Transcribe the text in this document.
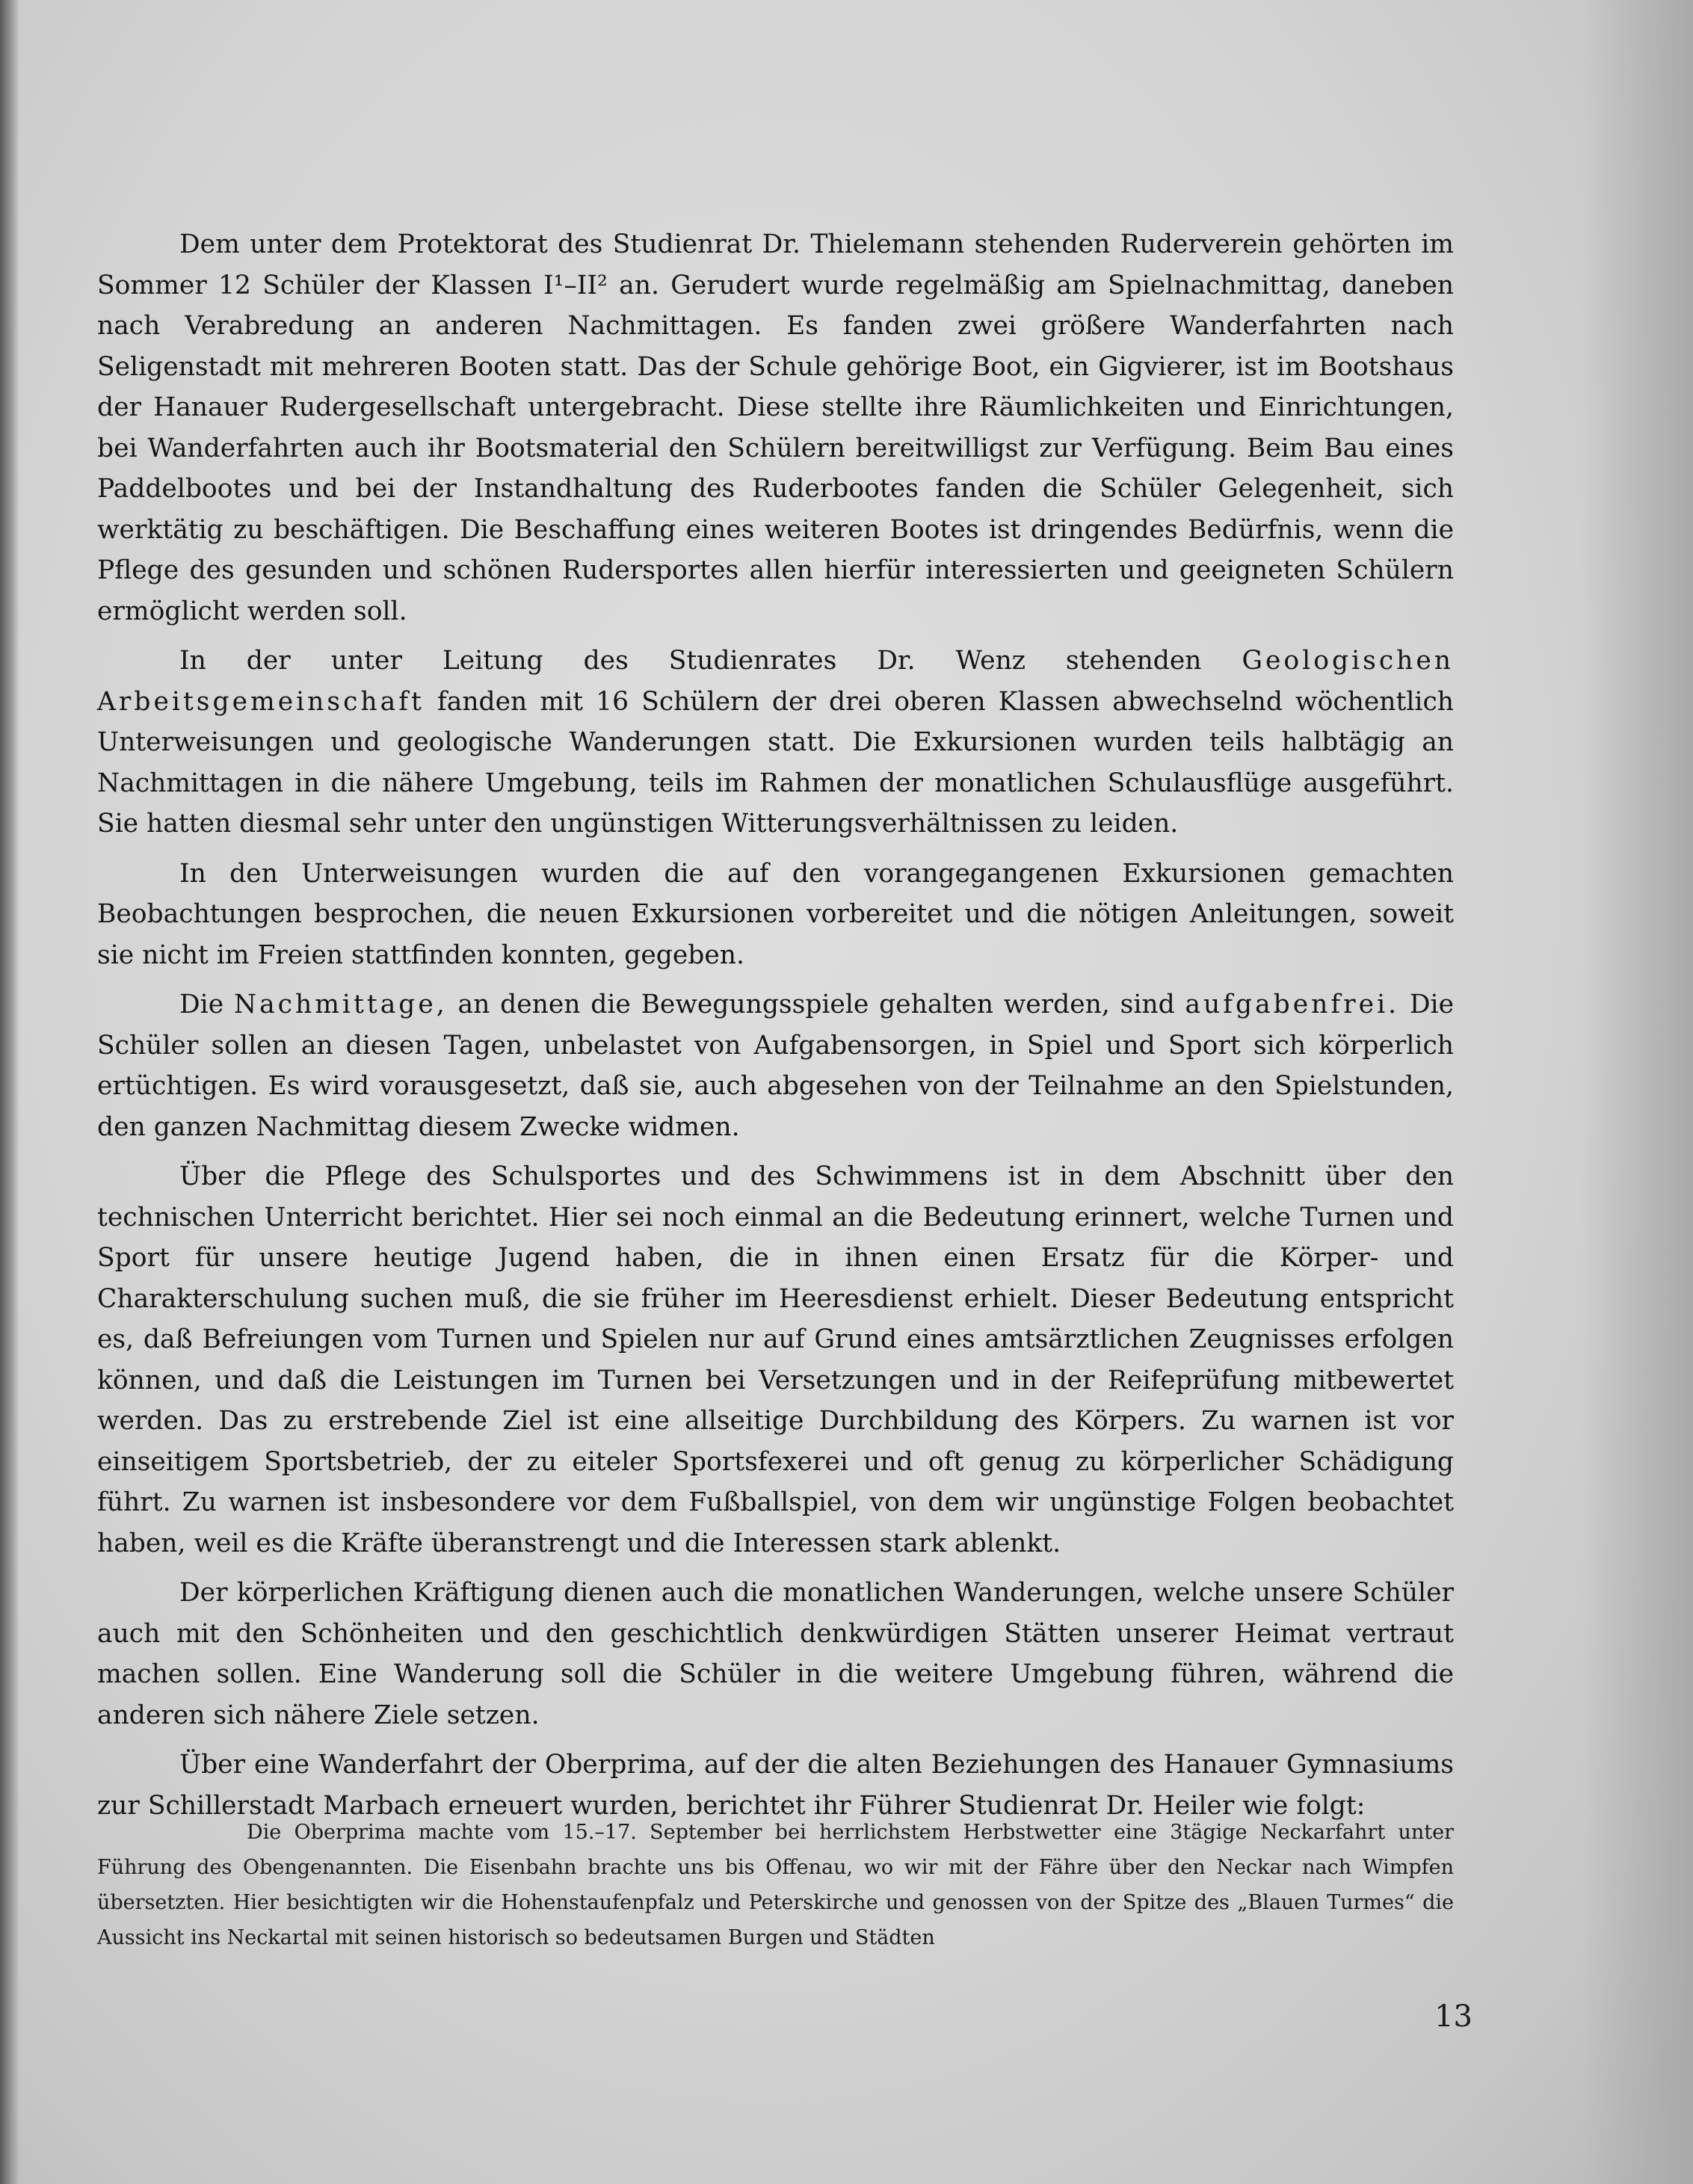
Dem unter dem Protektorat des Studienrat Dr. Thielemann stehenden Ruderverein gehörten im Sommer 12 Schüler der Klassen I¹–II² an. Gerudert wurde regelmäßig am Spielnachmittag, daneben nach Verabredung an anderen Nachmittagen. Es fanden zwei größere Wanderfahrten nach Seligenstadt mit mehreren Booten statt. Das der Schule gehörige Boot, ein Gigvierer, ist im Bootshaus der Hanauer Rudergesellschaft untergebracht. Diese stellte ihre Räumlichkeiten und Einrichtungen, bei Wanderfahrten auch ihr Bootsmaterial den Schülern bereitwilligst zur Verfügung. Beim Bau eines Paddelbootes und bei der Instandhaltung des Ruderbootes fanden die Schüler Gelegenheit, sich werktätig zu beschäftigen. Die Beschaffung eines weiteren Bootes ist dringendes Bedürfnis, wenn die Pflege des gesunden und schönen Rudersportes allen hierfür interessierten und geeigneten Schülern ermöglicht werden soll.

In der unter Leitung des Studienrates Dr. Wenz stehenden Geologischen Arbeitsgemeinschaft fanden mit 16 Schülern der drei oberen Klassen abwechselnd wöchentlich Unterweisungen und geologische Wanderungen statt. Die Exkursionen wurden teils halbtägig an Nachmittagen in die nähere Umgebung, teils im Rahmen der monatlichen Schulausflüge ausgeführt. Sie hatten diesmal sehr unter den ungünstigen Witterungsverhältnissen zu leiden.

In den Unterweisungen wurden die auf den vorangegangenen Exkursionen gemachten Beobachtungen besprochen, die neuen Exkursionen vorbereitet und die nötigen Anleitungen, soweit sie nicht im Freien stattfinden konnten, gegeben.

Die Nachmittage, an denen die Bewegungsspiele gehalten werden, sind aufgabenfrei. Die Schüler sollen an diesen Tagen, unbelastet von Aufgabensorgen, in Spiel und Sport sich körperlich ertüchtigen. Es wird vorausgesetzt, daß sie, auch abgesehen von der Teilnahme an den Spielstunden, den ganzen Nachmittag diesem Zwecke widmen.

Über die Pflege des Schulsportes und des Schwimmens ist in dem Abschnitt über den technischen Unterricht berichtet. Hier sei noch einmal an die Bedeutung erinnert, welche Turnen und Sport für unsere heutige Jugend haben, die in ihnen einen Ersatz für die Körper- und Charakterschulung suchen muß, die sie früher im Heeresdienst erhielt. Dieser Bedeutung entspricht es, daß Befreiungen vom Turnen und Spielen nur auf Grund eines amtsärztlichen Zeugnisses erfolgen können, und daß die Leistungen im Turnen bei Versetzungen und in der Reifeprüfung mitbewertet werden. Das zu erstrebende Ziel ist eine allseitige Durchbildung des Körpers. Zu warnen ist vor einseitigem Sportsbetrieb, der zu eiteler Sportsfexerei und oft genug zu körperlicher Schädigung führt. Zu warnen ist insbesondere vor dem Fußballspiel, von dem wir ungünstige Folgen beobachtet haben, weil es die Kräfte überanstrengt und die Interessen stark ablenkt.

Der körperlichen Kräftigung dienen auch die monatlichen Wanderungen, welche unsere Schüler auch mit den Schönheiten und den geschichtlich denkwürdigen Stätten unserer Heimat vertraut machen sollen. Eine Wanderung soll die Schüler in die weitere Umgebung führen, während die anderen sich nähere Ziele setzen.

Über eine Wanderfahrt der Oberprima, auf der die alten Beziehungen des Hanauer Gymnasiums zur Schillerstadt Marbach erneuert wurden, berichtet ihr Führer Studienrat Dr. Heiler wie folgt:

Die Oberprima machte vom 15.–17. September bei herrlichstem Herbstwetter eine 3tägige Neckarfahrt unter Führung des Obengenannten. Die Eisenbahn brachte uns bis Offenau, wo wir mit der Fähre über den Neckar nach Wimpfen übersetzten. Hier besichtigten wir die Hohenstaufenpfalz und Peterskirche und genossen von der Spitze des „Blauen Turmes“ die Aussicht ins Neckartal mit seinen historisch so bedeutsamen Burgen und Städten

13
